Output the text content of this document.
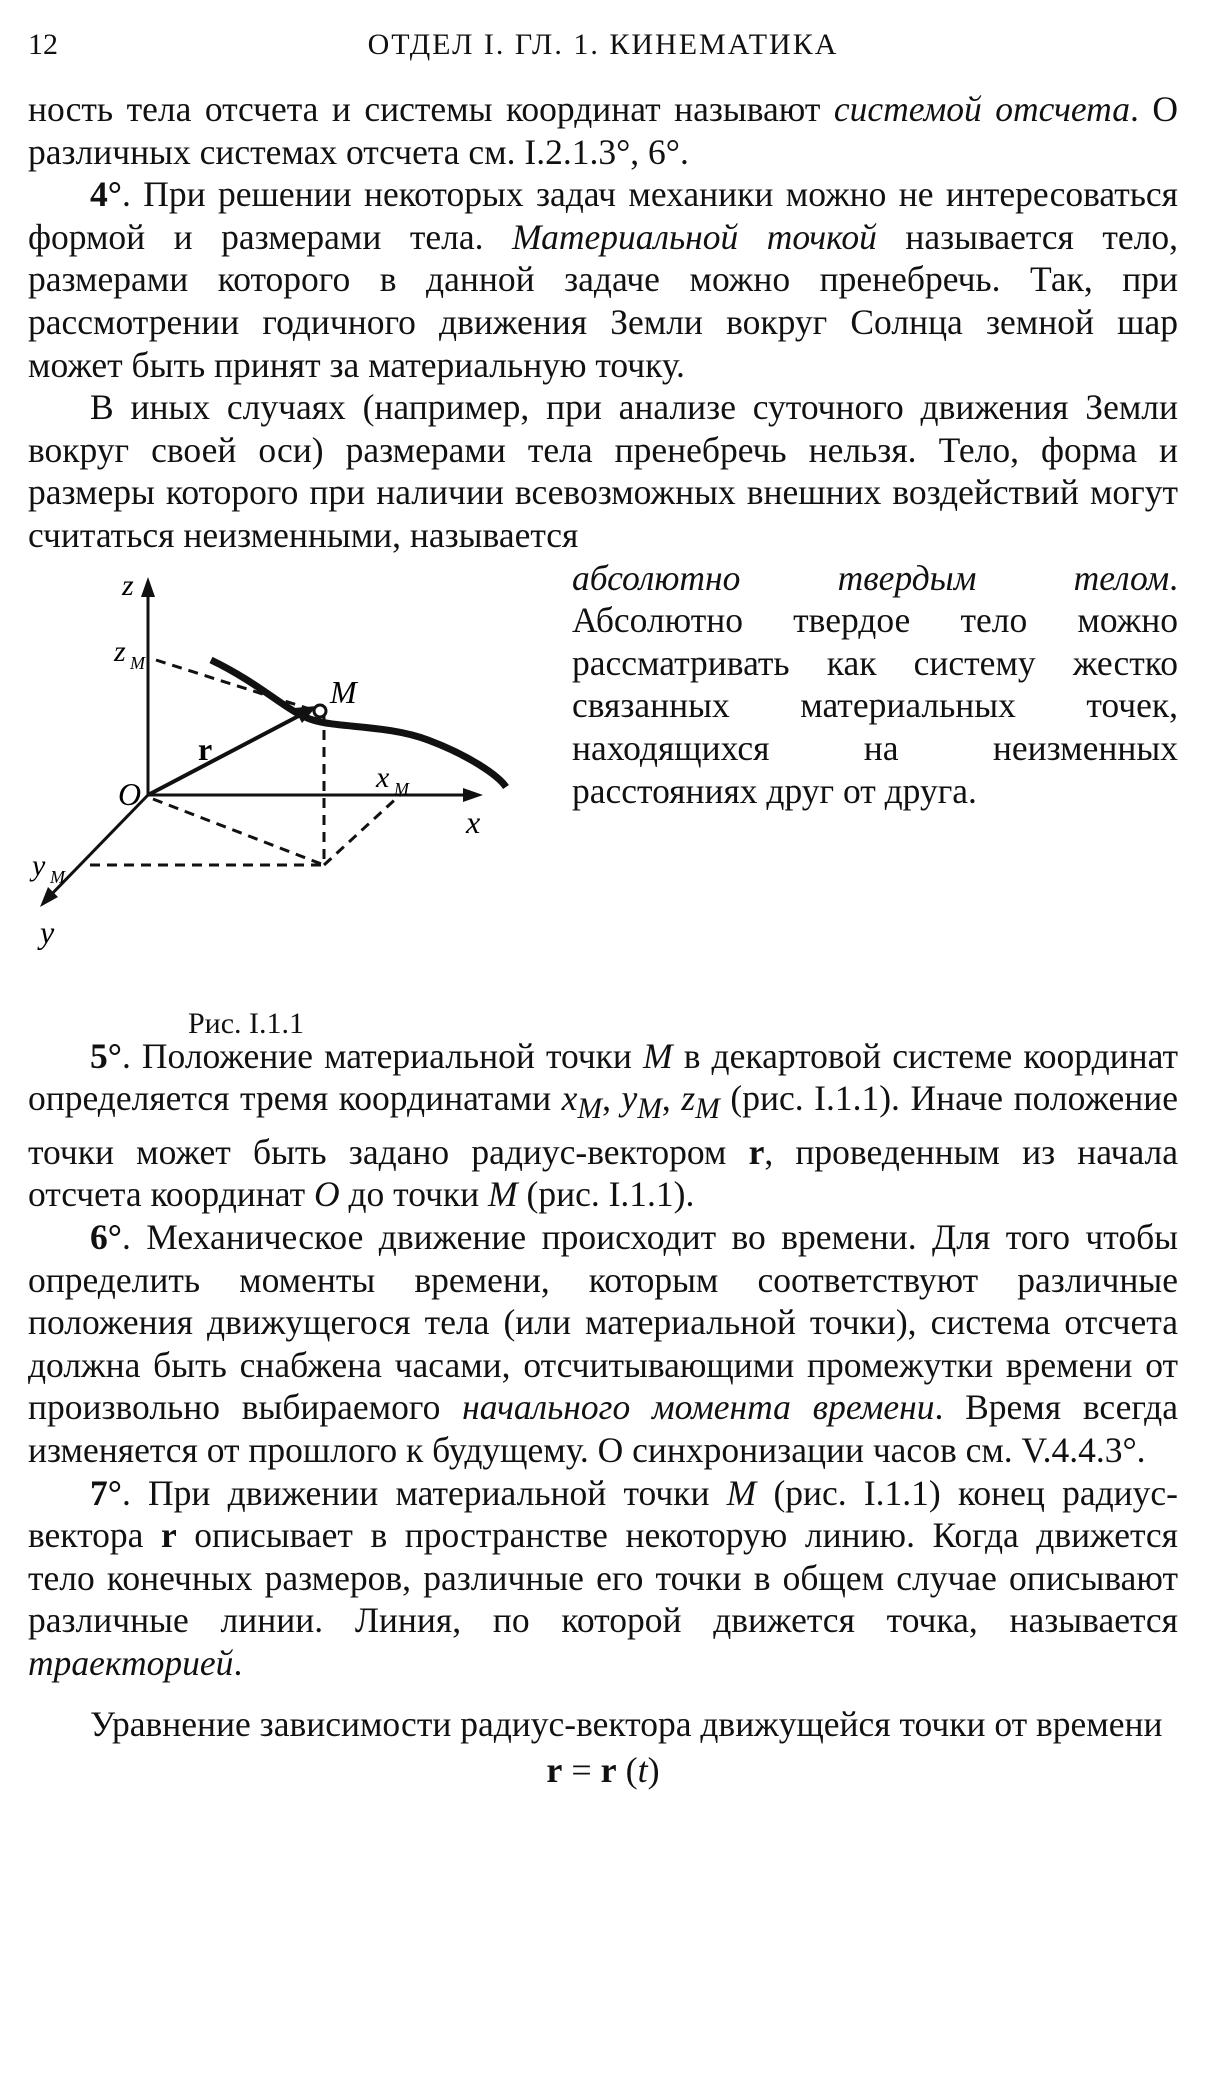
12	ОТДЕЛ I. ГЛ. 1. КИНЕМАТИКА

ность тела отсчета и системы координат называют системой отсчета. О различных системах отсчета см. I.2.1.3°, 6°.

4°. При решении некоторых задач механики можно не интересоваться формой и размерами тела. Материальной точкой называется тело, размерами которого в данной задаче можно пренебречь. Так, при рассмотрении годичного движения Земли вокруг Солнца земной шар может быть принят за материальную точку.

В иных случаях (например, при анализе суточного движения Земли вокруг своей оси) размерами тела пренебречь нельзя. Тело, форма и размеры которого при наличии всевозможных внешних воздействий могут считаться неизменными, называется

z
z M
M
r
O	x M
x
y M
y
Рис. I.1.1

абсолютно твердым телом. Абсолютно твердое тело можно рассматривать как систему жестко связанных материальных точек, находящихся на неизменных расстояниях друг от друга.

5°. Положение материальной точки M в декартовой системе координат определяется тремя координатами $x_M$, $y_M$, $z_M$ (рис. I.1.1). Иначе положение точки может быть задано радиус-вектором r, проведенным из начала отсчета координат O до точки M (рис. I.1.1).

6°. Механическое движение происходит во времени. Для того чтобы определить моменты времени, которым соответствуют различные положения движущегося тела (или материальной точки), система отсчета должна быть снабжена часами, отсчитывающими промежутки времени от произвольно выбираемого начального момента времени. Время всегда изменяется от прошлого к будущему. О синхронизации часов см. V.4.4.3°.

7°. При движении материальной точки M (рис. I.1.1) конец радиус-вектора r описывает в пространстве некоторую линию. Когда движется тело конечных размеров, различные его точки в общем случае описывают различные линии. Линия, по которой движется точка, называется траекторией.

Уравнение зависимости радиус-вектора движущейся точки от времени

r = r (t)
